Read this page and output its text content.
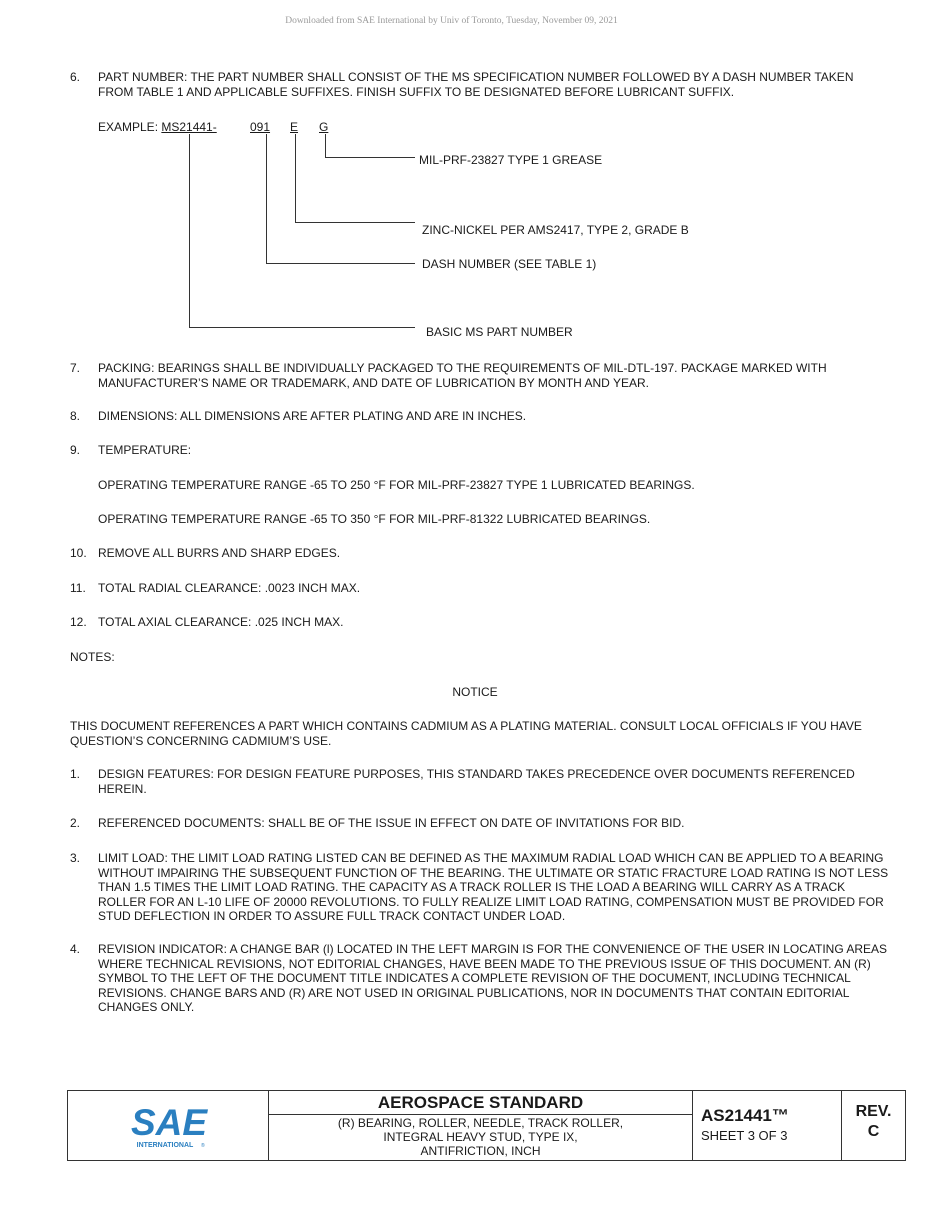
Downloaded from SAE International by Univ of Toronto, Tuesday, November 09, 2021
6. PART NUMBER: THE PART NUMBER SHALL CONSIST OF THE MS SPECIFICATION NUMBER FOLLOWED BY A DASH NUMBER TAKEN FROM TABLE 1 AND APPLICABLE SUFFIXES. FINISH SUFFIX TO BE DESIGNATED BEFORE LUBRICANT SUFFIX.
EXAMPLE: MS21441-	091 E G
MIL-PRF-23827 TYPE 1 GREASE
ZINC-NICKEL PER AMS2417, TYPE 2, GRADE B
DASH NUMBER (SEE TABLE 1)
BASIC MS PART NUMBER
7. PACKING: BEARINGS SHALL BE INDIVIDUALLY PACKAGED TO THE REQUIREMENTS OF MIL-DTL-197. PACKAGE MARKED WITH MANUFACTURER’S NAME OR TRADEMARK, AND DATE OF LUBRICATION BY MONTH AND YEAR.
8. DIMENSIONS: ALL DIMENSIONS ARE AFTER PLATING AND ARE IN INCHES.
9. TEMPERATURE:
OPERATING TEMPERATURE RANGE -65 TO 250 °F FOR MIL-PRF-23827 TYPE 1 LUBRICATED BEARINGS.
OPERATING TEMPERATURE RANGE -65 TO 350 °F FOR MIL-PRF-81322 LUBRICATED BEARINGS.
10. REMOVE ALL BURRS AND SHARP EDGES.
11. TOTAL RADIAL CLEARANCE: .0023 INCH MAX.
12. TOTAL AXIAL CLEARANCE: .025 INCH MAX.
NOTES:
NOTICE
THIS DOCUMENT REFERENCES A PART WHICH CONTAINS CADMIUM AS A PLATING MATERIAL. CONSULT LOCAL OFFICIALS IF YOU HAVE QUESTION’S CONCERNING CADMIUM’S USE.
1. DESIGN FEATURES: FOR DESIGN FEATURE PURPOSES, THIS STANDARD TAKES PRECEDENCE OVER DOCUMENTS REFERENCED HEREIN.
2. REFERENCED DOCUMENTS: SHALL BE OF THE ISSUE IN EFFECT ON DATE OF INVITATIONS FOR BID.
3. LIMIT LOAD: THE LIMIT LOAD RATING LISTED CAN BE DEFINED AS THE MAXIMUM RADIAL LOAD WHICH CAN BE APPLIED TO A BEARING WITHOUT IMPAIRING THE SUBSEQUENT FUNCTION OF THE BEARING. THE ULTIMATE OR STATIC FRACTURE LOAD RATING IS NOT LESS THAN 1.5 TIMES THE LIMIT LOAD RATING. THE CAPACITY AS A TRACK ROLLER IS THE LOAD A BEARING WILL CARRY AS A TRACK ROLLER FOR AN L-10 LIFE OF 20000 REVOLUTIONS. TO FULLY REALIZE LIMIT LOAD RATING, COMPENSATION MUST BE PROVIDED FOR STUD DEFLECTION IN ORDER TO ASSURE FULL TRACK CONTACT UNDER LOAD.
4. REVISION INDICATOR: A CHANGE BAR (l) LOCATED IN THE LEFT MARGIN IS FOR THE CONVENIENCE OF THE USER IN LOCATING AREAS WHERE TECHNICAL REVISIONS, NOT EDITORIAL CHANGES, HAVE BEEN MADE TO THE PREVIOUS ISSUE OF THIS DOCUMENT. AN (R) SYMBOL TO THE LEFT OF THE DOCUMENT TITLE INDICATES A COMPLETE REVISION OF THE DOCUMENT, INCLUDING TECHNICAL REVISIONS. CHANGE BARS AND (R) ARE NOT USED IN ORIGINAL PUBLICATIONS, NOR IN DOCUMENTS THAT CONTAIN EDITORIAL CHANGES ONLY.
SAE
INTERNATIONAL ®

AEROSPACE STANDARD
(R) BEARING, ROLLER, NEEDLE, TRACK ROLLER,
INTEGRAL HEAVY STUD, TYPE IX,
ANTIFRICTION, INCH

AS21441™
SHEET 3 OF 3

REV.
C
